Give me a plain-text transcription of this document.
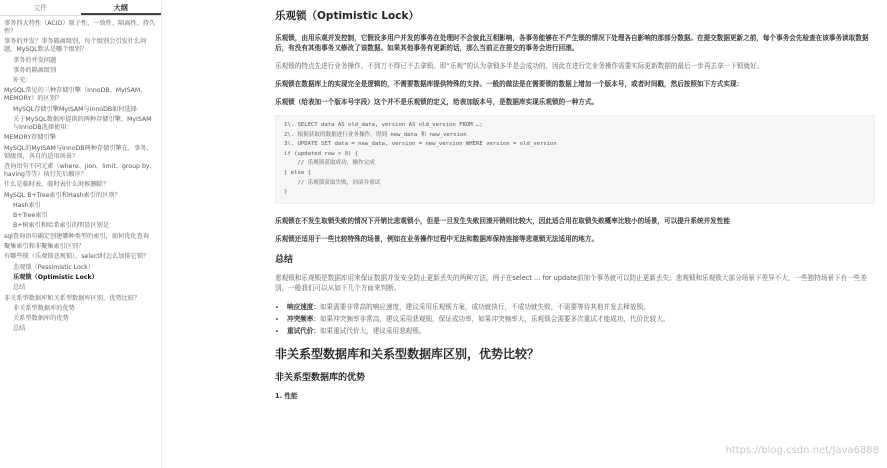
文件	大纲
事务四大特性（ACID）原子性、一致性、隔离性、持久性？
事务的并发？事务隔离级别，每个级别会引发什么问题，MySQL默认是哪个级别？
事务的并发问题
事务的隔离级别
补充：
MySQL常见的三种存储引擎（InnoDB、MyISAM、MEMORY）的区别？
MySQL存储引擎MyISAM与InnoDB如何选择
关于MySQL数据库提供的两种存储引擎，MyISAM与InnoDB选择使用：
MEMORY存储引擎
MySQL的MyISAM与InnoDB两种存储引擎在，事务、锁级别，各自的适用场景？
查询语句不同元素（where、jion、limit、group by、having等等）执行先后顺序？
什么是临时表，临时表什么时候删除？
MySQL B+Tree索引和Hash索引的区别？
Hash索引
B+Tree索引
B+树索引和哈希索引的明显区别是：
sql查询语句确定创建哪种类型的索引，如何优化查询
聚集索引和非聚集索引区别？
有哪些锁（乐观锁悲观锁），select时怎么加排它锁？
悲观锁（Pessimistic Lock）
乐观锁（Optimistic Lock）
总结
非关系型数据库和关系型数据库区别，优势比较？
非关系型数据库的优势
关系型数据库的优势
总结
乐观锁（Optimistic Lock）
乐观锁，由用乐观并发控制，它假设多用户并发的事务在处理时不会彼此互相影响，各事务能够在不产生锁的情况下处理各自影响的那部分数据。在提交数据更新之前，每个事务会先检查在该事务读取数据后，有没有其他事务又修改了该数据。如果其他事务有更新的话，那么当前正在提交的事务会进行回滚。
乐观锁的特点先进行业务操作，不到万不得已不去拿锁。即“乐观”的认为拿锁多半是会成功的，因此在进行完业务操作需要实际更新数据的最后一步再去拿一下锁就好。
乐观锁在数据库上的实现完全是逻辑的，不需要数据库提供特殊的支持。一般的做法是在需要锁的数据上增加一个版本号，或者时间戳，然后按照如下方式实现：
乐观锁（给表加一个版本号字段）这个并不是乐观锁的定义，给表加版本号，是数据库实现乐观锁的一种方式。
1\. SELECT data AS old_data, version AS old_version FROM …;
2\. 根据获取的数据进行业务操作，得到 new_data 和 new_version
3\. UPDATE SET data = new_data, version = new_version WHERE version = old_version
if (updated row > 0) {
// 乐观锁获取成功，操作完成
} else {
// 乐观锁获取失败，回滚并重试
}
乐观锁在不发生取锁失败的情况下开销比悲观锁小，但是一旦发生失败回滚开销则比较大，因此适合用在取锁失败概率比较小的场景，可以提升系统并发性能
乐观锁还适用于一些比较特殊的场景，例如在业务操作过程中无法和数据库保持连接等悲观锁无法适用的地方。
总结
悲观锁和乐观锁是数据库用来保证数据并发安全防止更新丢失的两种方法，例子在select ... for update前加个事务就可以防止更新丢失。悲观锁和乐观锁大部分场景下差异不大，一些独特场景下有一些差别，一般我们可以从如下几个方面来判断。
• 响应速度：如果需要非常高的响应速度，建议采用乐观锁方案，成功就执行，不成功就失败，不需要等待其他并发去释放锁。
• 冲突频率：如果冲突频率非常高，建议采用悲观锁，保证成功率，如果冲突频率大，乐观锁会需要多次重试才能成功，代价比较大。
• 重试代价：如果重试代价大，建议采用悲观锁。
非关系型数据库和关系型数据库区别，优势比较？
非关系型数据库的优势
1. 性能
https://blog.csdn.net/Java6888
